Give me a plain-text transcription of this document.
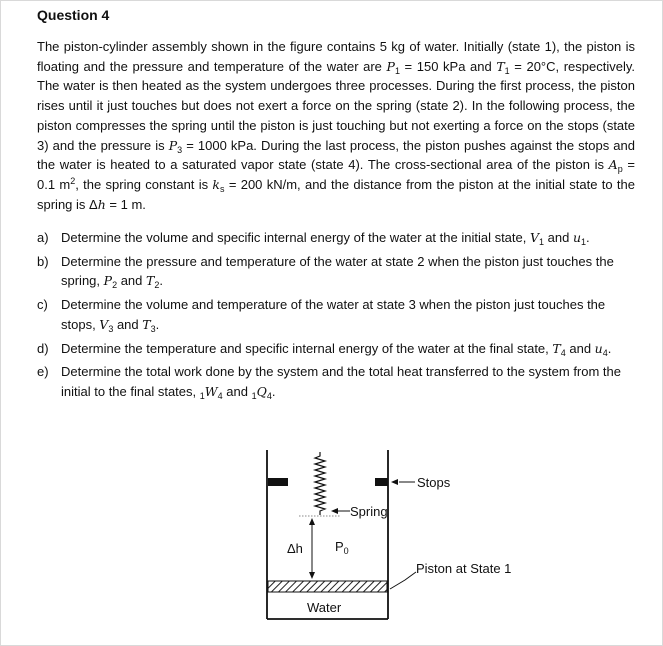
Question 4
The piston-cylinder assembly shown in the figure contains 5 kg of water. Initially (state 1), the piston is floating and the pressure and temperature of the water are $P_1 = 150$ kPa and $T_1 = 20^\circ C$, respectively. The water is then heated as the system undergoes three processes. During the first process, the piston rises until it just touches but does not exert a force on the spring (state 2). In the following process, the piston compresses the spring until the piston is just touching but not exerting a force on the stops (state 3) and the pressure is $P_3 = 1000$ kPa. During the last process, the piston pushes against the stops and the water is heated to a saturated vapor state (state 4). The cross-sectional area of the piston is $A_p = 0.1$ $m^2$, the spring constant is $k_s = 200$ kN/m, and the distance from the piston at the initial state to the spring is Δh = 1 m.
a) Determine the volume and specific internal energy of the water at the initial state, $V_1$ and $u_1$.
b) Determine the pressure and temperature of the water at state 2 when the piston just touches the spring, $P_2$ and $T_2$.
c) Determine the volume and temperature of the water at state 3 when the piston just touches the stops, $V_3$ and $T_3$.
d) Determine the temperature and specific internal energy of the water at the final state, $T_4$ and $u_4$.
e) Determine the total work done by the system and the total heat transferred to the system from the initial to the final states, $_1W_4$ and $_1Q_4$.
Spring
Stops
Δh $P_0$
Piston at State 1
Water
